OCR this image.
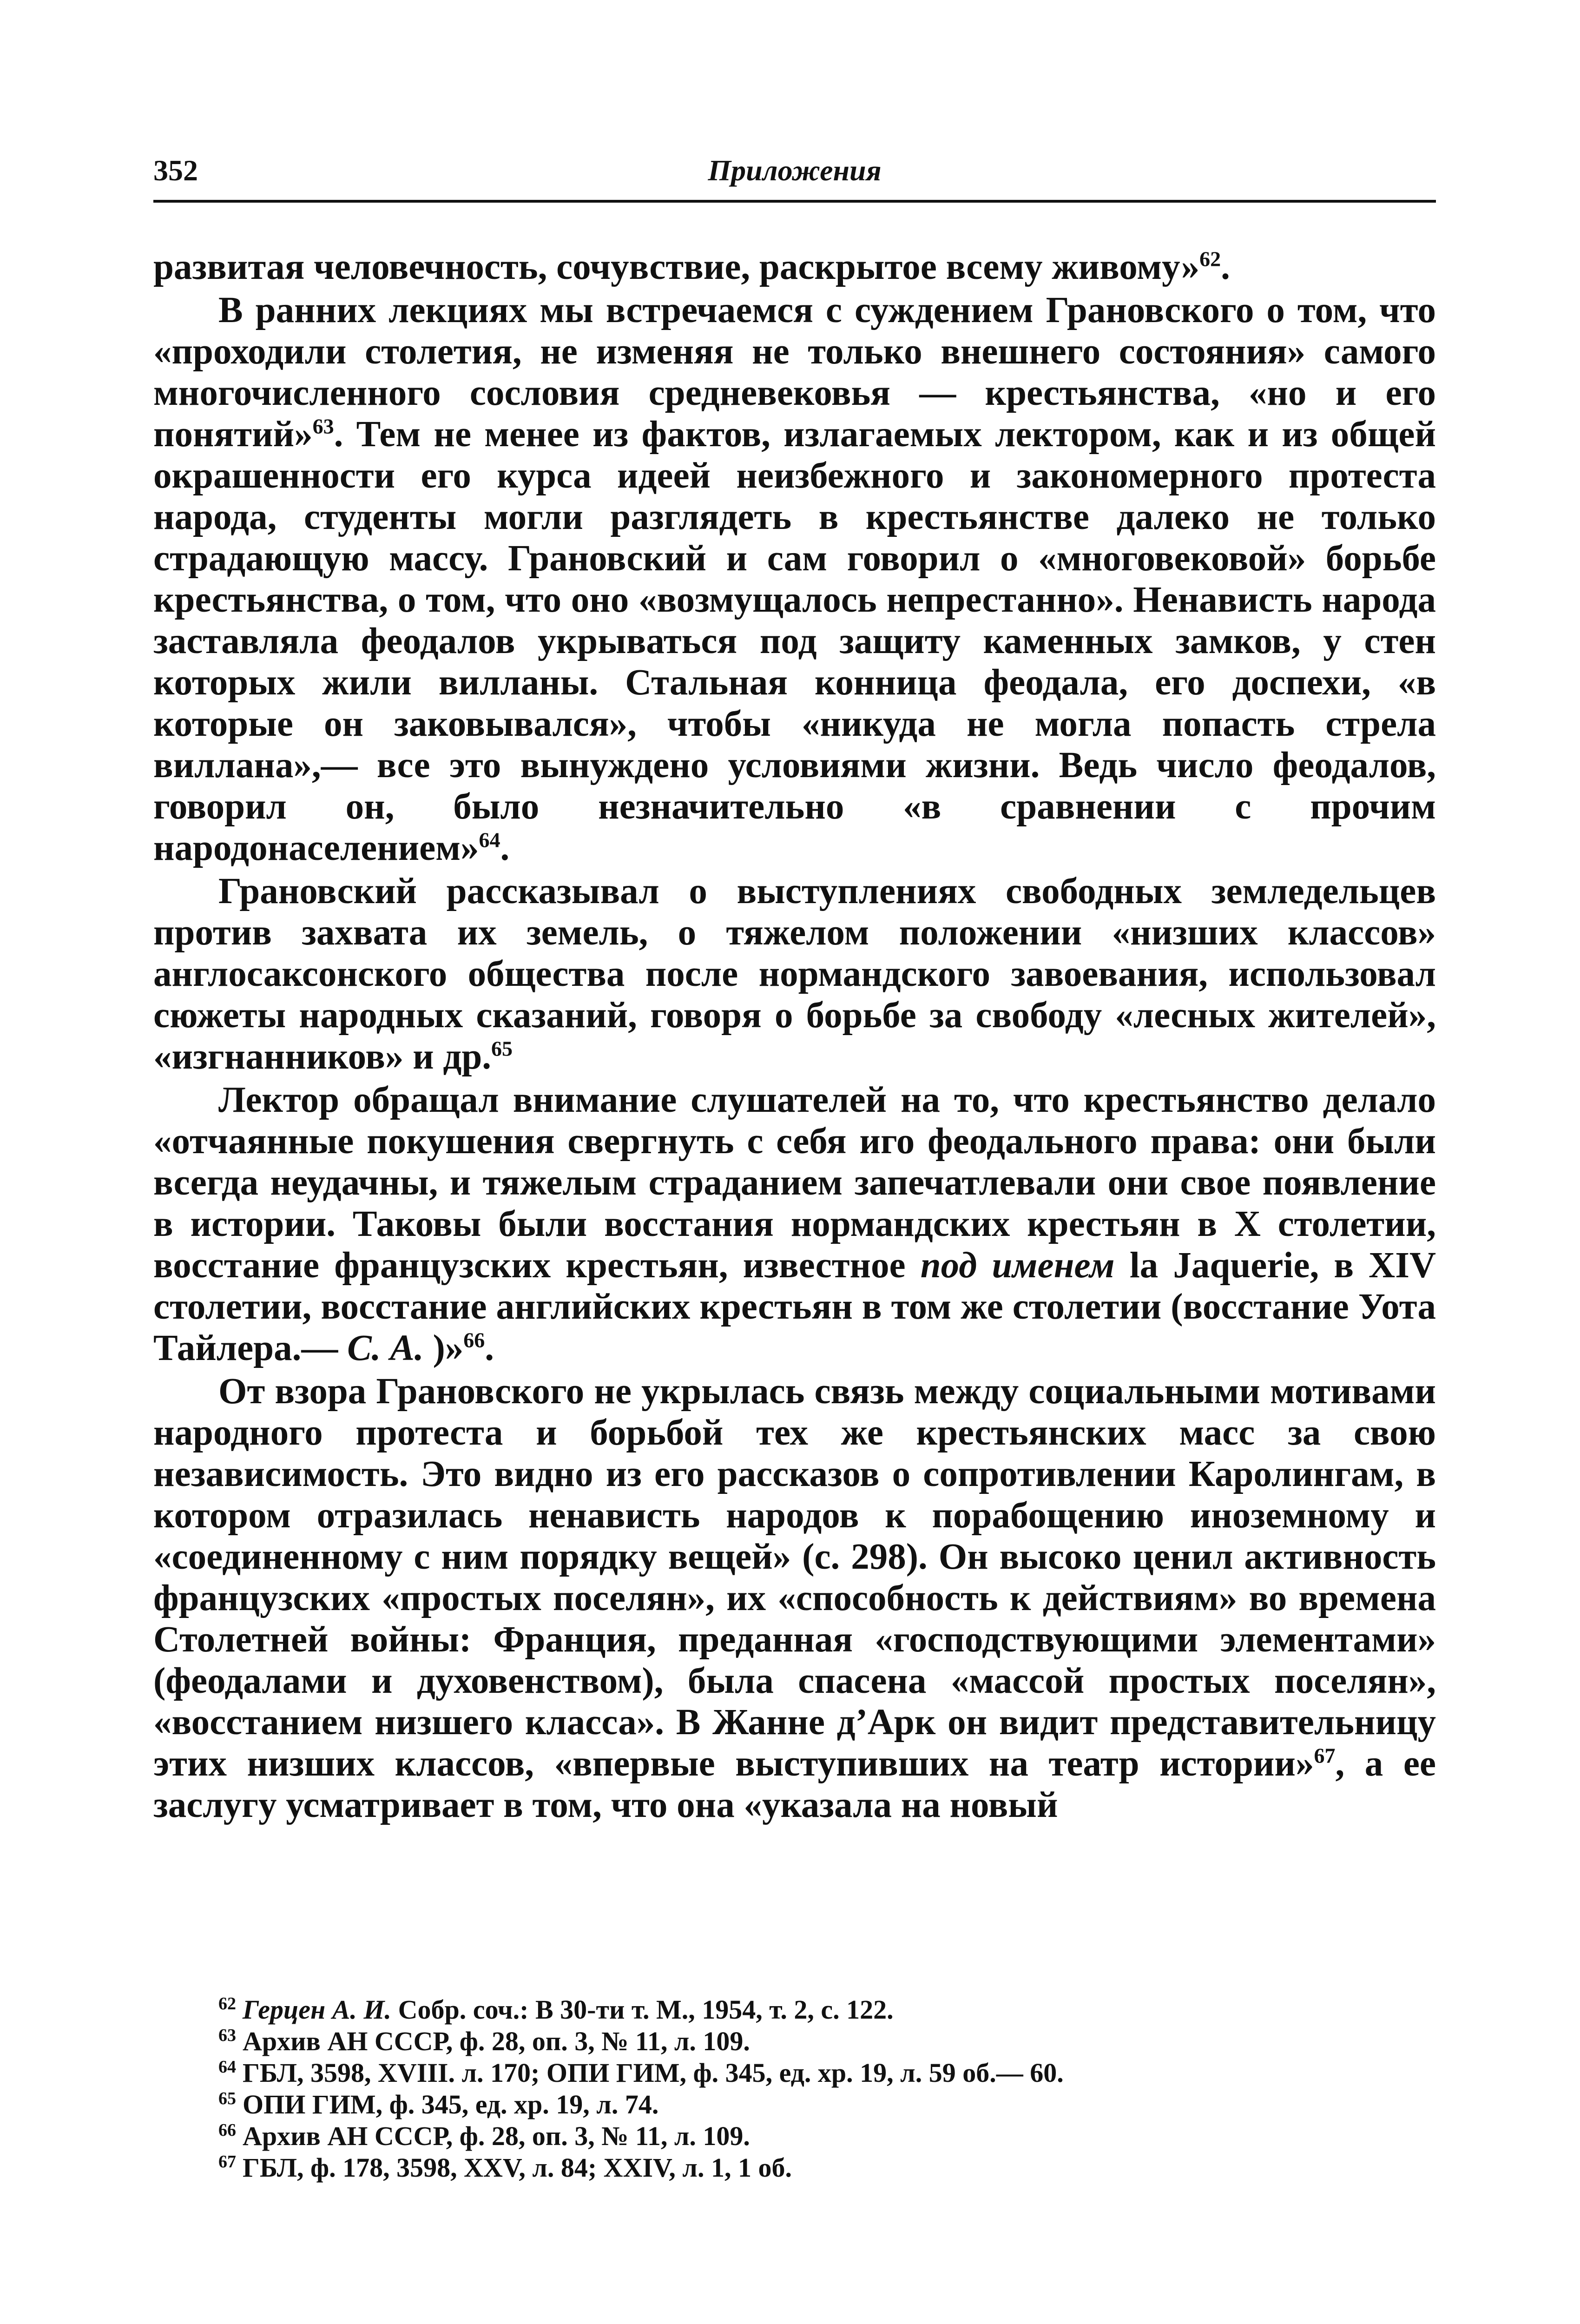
352	Приложения

развитая человечность, сочувствие, раскрытое всему живому»$^{62}$.

В ранних лекциях мы встречаемся с суждением Грановского о том, что «проходили столетия, не изменяя не только внешнего состояния» самого многочисленного сословия средневековья — крестьянства, «но и его понятий»$^{63}$. Тем не менее из фактов, излагаемых лектором, как и из общей окрашенности его курса идеей неизбежного и закономерного протеста народа, студенты могли разглядеть в крестьянстве далеко не только страдающую массу. Грановский и сам говорил о «многовековой» борьбе крестьянства, о том, что оно «возмущалось непрестанно». Ненависть народа заставляла феодалов укрываться под защиту каменных замков, у стен которых жили вилланы. Стальная конница феодала, его доспехи, «в которые он заковывался», чтобы «никуда не могла попасть стрела виллана»,— все это вынуждено условиями жизни. Ведь число феодалов, говорил он, было незначительно «в сравнении с прочим народонаселением»$^{64}$.

Грановский рассказывал о выступлениях свободных земледельцев против захвата их земель, о тяжелом положении «низших классов» англосаксонского общества после нормандского завоевания, использовал сюжеты народных сказаний, говоря о борьбе за свободу «лесных жителей», «изгнанников» и др.$^{65}$

Лектор обращал внимание слушателей на то, что крестьянство делало «отчаянные покушения свергнуть с себя иго феодального права: они были всегда неудачны, и тяжелым страданием запечатлевали они свое появление в истории. Таковы были восстания нормандских крестьян в X столетии, восстание французских крестьян, известное под именем la Jaquerie, в XIV столетии, восстание английских крестьян в том же столетии (восстание Уота Тайлера.— С. А. )»$^{66}$.

От взора Грановского не укрылась связь между социальными мотивами народного протеста и борьбой тех же крестьянских масс за свою независимость. Это видно из его рассказов о сопротивлении Каролингам, в котором отразилась ненависть народов к порабощению иноземному и «соединенному с ним порядку вещей» (с. 298). Он высоко ценил активность французских «простых поселян», их «способность к действиям» во времена Столетней войны: Франция, преданная «господствующими элементами» (феодалами и духовенством), была спасена «массой простых поселян», «восстанием низшего класса». В Жанне д’Арк он видит представительницу этих низших классов, «впервые выступивших на театр истории»$^{67}$, а ее заслугу усматривает в том, что она «указала на новый

$^{62}$ Герцен А. И. Собр. соч.: В 30-ти т. М., 1954, т. 2, с. 122.
$^{63}$ Архив АН СССР, ф. 28, оп. 3, № 11, л. 109.
$^{64}$ ГБЛ, 3598, XVIII. л. 170; ОПИ ГИМ, ф. 345, ед. хр. 19, л. 59 об.— 60.
$^{65}$ ОПИ ГИМ, ф. 345, ед. хр. 19, л. 74.
$^{66}$ Архив АН СССР, ф. 28, оп. 3, № 11, л. 109.
$^{67}$ ГБЛ, ф. 178, 3598, XXV, л. 84; XXIV, л. 1, 1 об.
